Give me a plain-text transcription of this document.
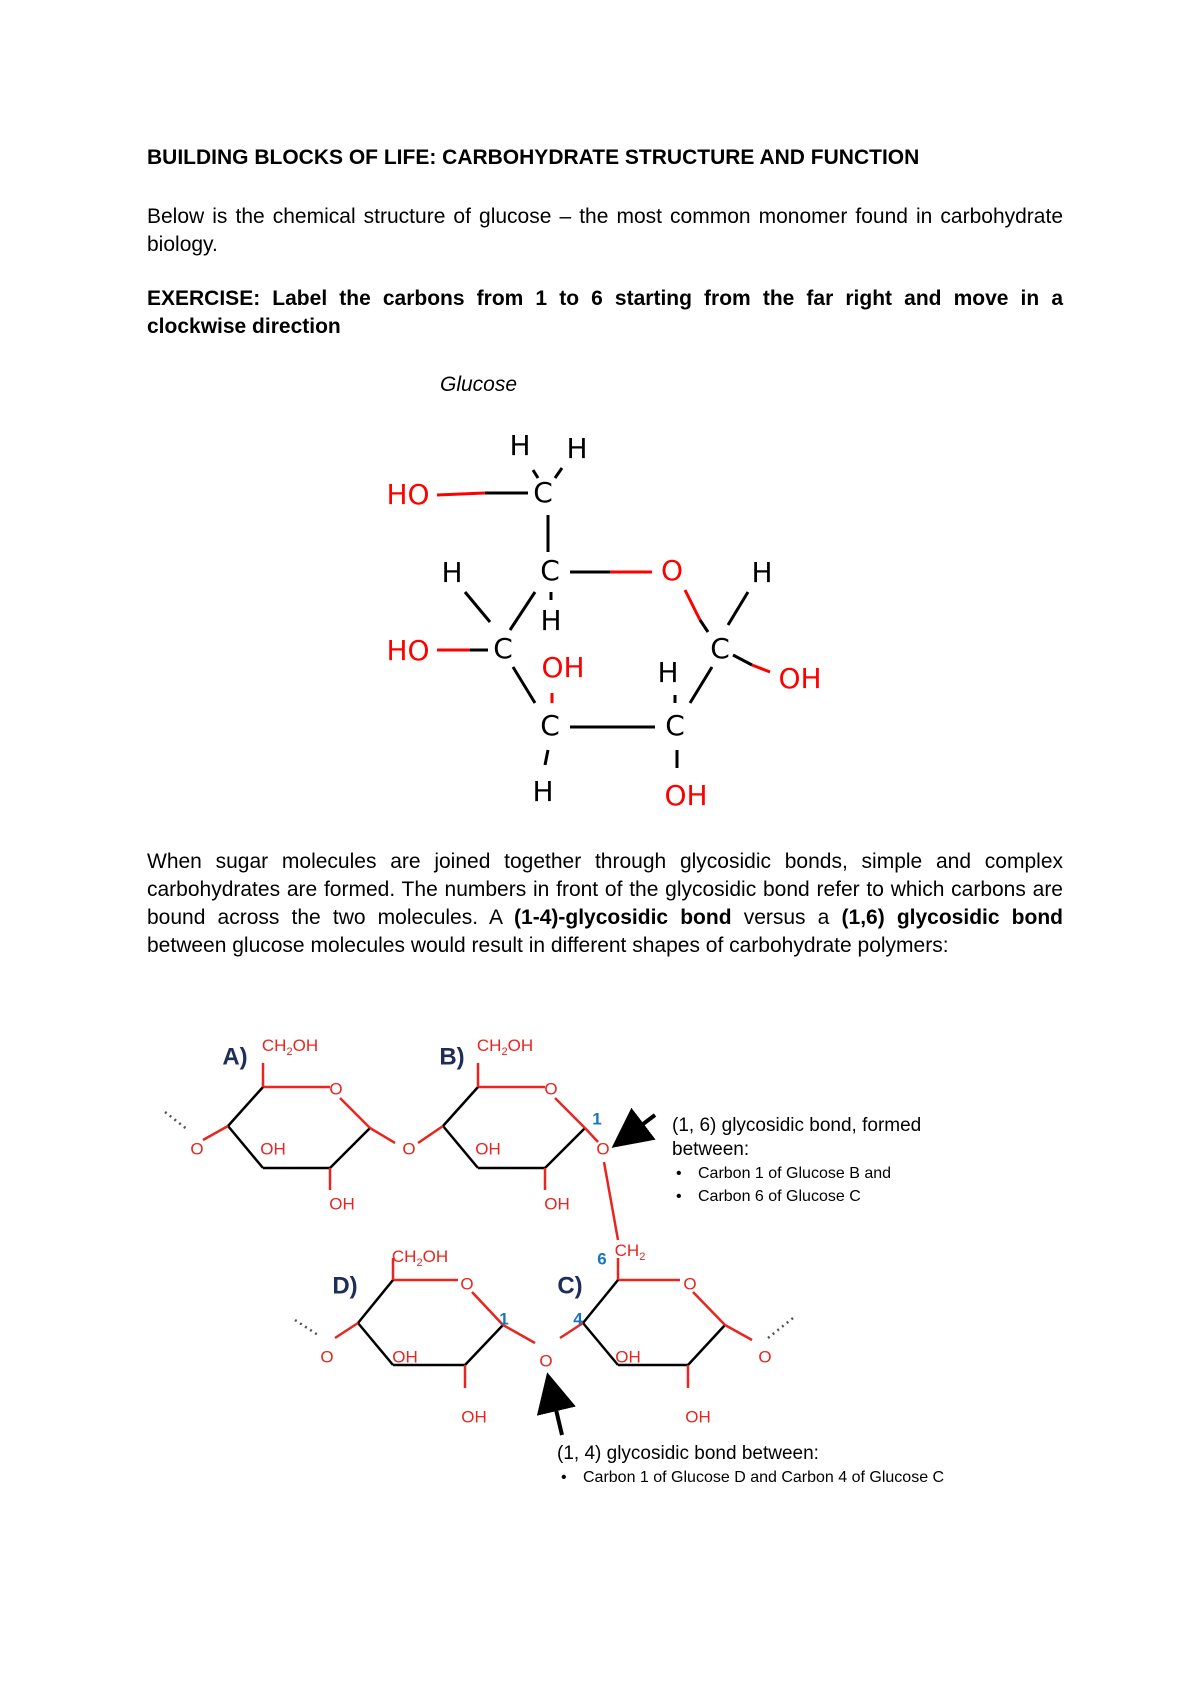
BUILDING BLOCKS OF LIFE: CARBOHYDRATE STRUCTURE AND FUNCTION

Below is the chemical structure of glucose – the most common monomer found in carbohydrate biology.

EXERCISE: Label the carbons from 1 to 6 starting from the far right and move in a clockwise direction

Glucose

H H
HO	C
H	C	O H
H
HO C
OH	H
C
OH
C	C
H	OH

When sugar molecules are joined together through glycosidic bonds, simple and complex carbohydrates are formed. The numbers in front of the glycosidic bond refer to which carbons are bound across the two molecules. A (1-4)-glycosidic bond versus a (1,6) glycosidic bond between glucose molecules would result in different shapes of carbohydrate polymers:

A)	B)
D)	C)
$CH_2OH$
O
O	OH
OH
O
$CH_2OH$
O
OH
OH
1
O
6 $CH_2$
O
4
OH
OH
O
$CH_2OH$
O
O	OH
OH
1
O
(1, 6) glycosidic bond, formed
between:
• Carbon 1 of Glucose B and
• Carbon 6 of Glucose C
(1, 4) glycosidic bond between:
• Carbon 1 of Glucose D and Carbon 4 of Glucose C
